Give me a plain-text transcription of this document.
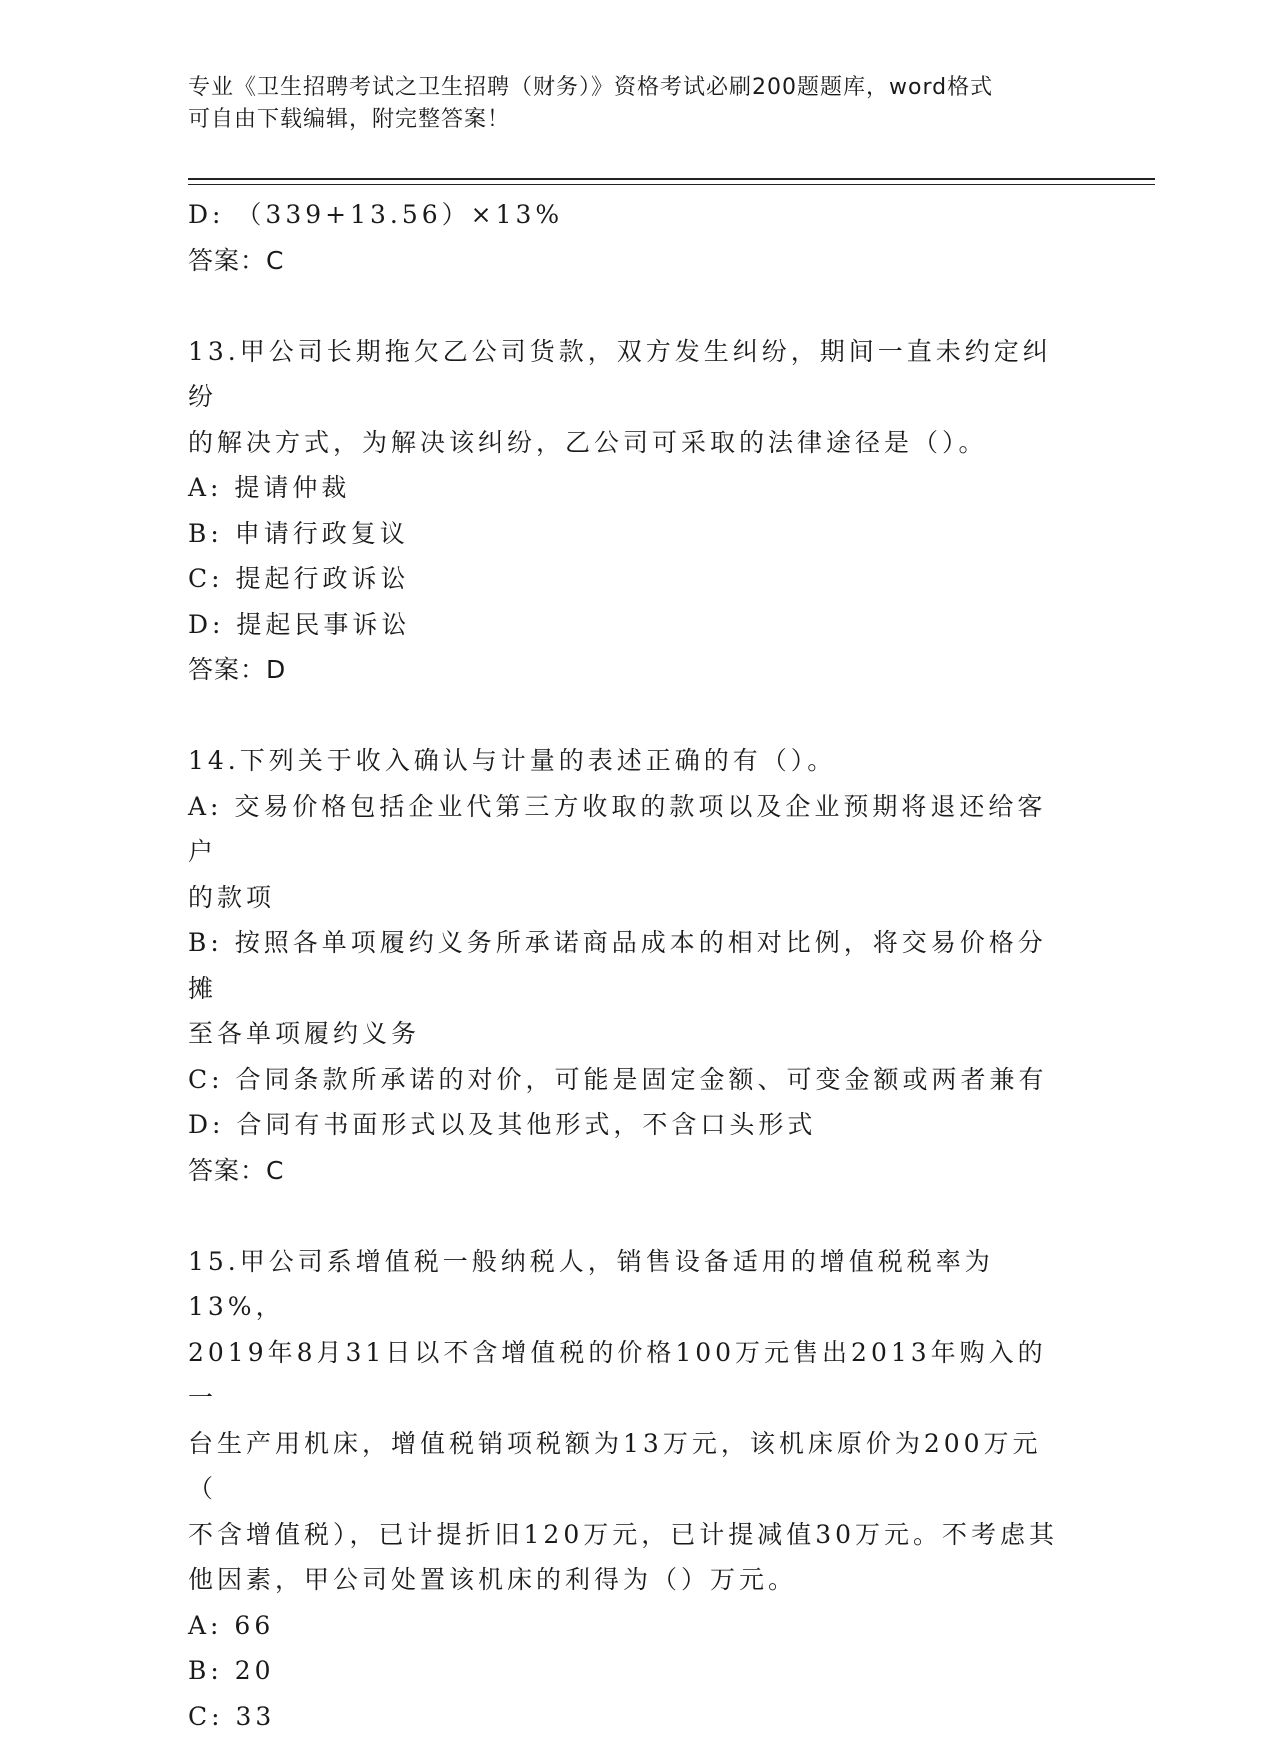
专业《卫生招聘考试之卫生招聘（财务）》资格考试必刷200题题库，word格式
可自由下载编辑，附完整答案！
D: （339+13.56）×13%
答案：C
13.甲公司长期拖欠乙公司货款，双方发生纠纷，期间一直未约定纠纷
的解决方式，为解决该纠纷，乙公司可采取的法律途径是（）。
A: 提请仲裁
B: 申请行政复议
C: 提起行政诉讼
D: 提起民事诉讼
答案：D
14.下列关于收入确认与计量的表述正确的有（）。
A: 交易价格包括企业代第三方收取的款项以及企业预期将退还给客户
的款项
B: 按照各单项履约义务所承诺商品成本的相对比例，将交易价格分摊
至各单项履约义务
C: 合同条款所承诺的对价，可能是固定金额、可变金额或两者兼有
D: 合同有书面形式以及其他形式，不含口头形式
答案：C
15.甲公司系增值税一般纳税人，销售设备适用的增值税税率为13%，
2019年8月31日以不含增值税的价格100万元售出2013年购入的一
台生产用机床，增值税销项税额为13万元，该机床原价为200万元（
不含增值税），已计提折旧120万元，已计提减值30万元。不考虑其
他因素，甲公司处置该机床的利得为（）万元。
A: 66
B: 20
C: 33
